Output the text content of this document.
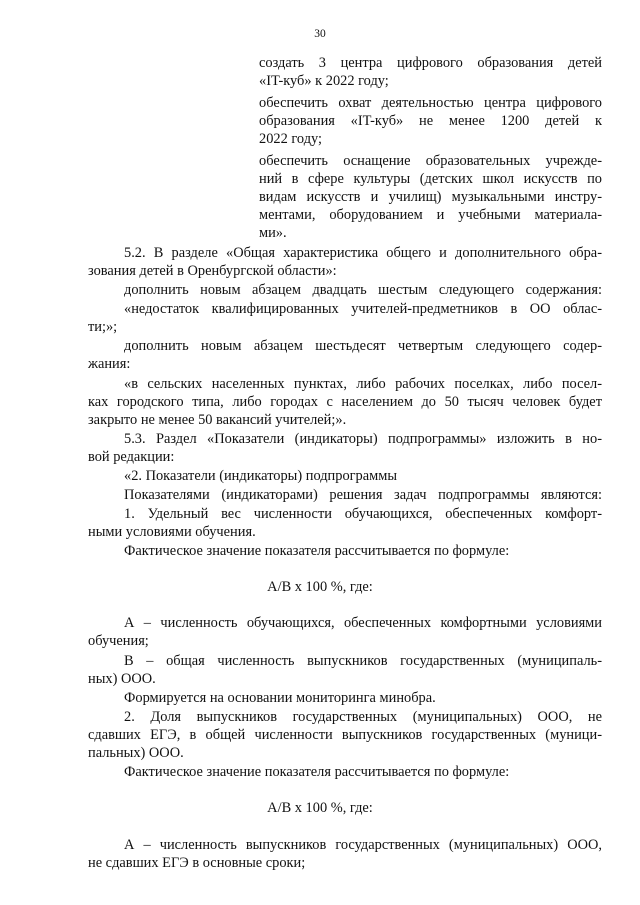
30
создать 3 центра цифрового образования детей
«IT-куб» к 2022 году;
обеспечить охват деятельностью центра цифрового
образования «IT-куб» не менее 1200 детей к
2022 году;
обеспечить оснащение образовательных учрежде-
ний в сфере культуры (детских школ искусств по
видам искусств и училищ) музыкальными инстру-
ментами, оборудованием и учебными материала-
ми».
5.2. В разделе «Общая характеристика общего и дополнительного обра-
зования детей в Оренбургской области»:
дополнить новым абзацем двадцать шестым следующего содержания:
«недостаток квалифицированных учителей-предметников в ОО облас-
ти;»;
дополнить новым абзацем шестьдесят четвертым следующего содер-
жания:
«в сельских населенных пунктах, либо рабочих поселках, либо посел-
ках городского типа, либо городах с населением до 50 тысяч человек будет
закрыто не менее 50 вакансий учителей;».
5.3. Раздел «Показатели (индикаторы) подпрограммы» изложить в но-
вой редакции:
«2. Показатели (индикаторы) подпрограммы
Показателями (индикаторами) решения задач подпрограммы являются:
1. Удельный вес численности обучающихся, обеспеченных комфорт-
ными условиями обучения.
Фактическое значение показателя рассчитывается по формуле:
A/B x 100 %, где:
А – численность обучающихся, обеспеченных комфортными условиями
обучения;
В – общая численность выпускников государственных (муниципаль-
ных) ООО.
Формируется на основании мониторинга минобра.
2. Доля выпускников государственных (муниципальных) ООО, не
сдавших ЕГЭ, в общей численности выпускников государственных (муници-
пальных) ООО.
Фактическое значение показателя рассчитывается по формуле:
A/B x 100 %, где:
А – численность выпускников государственных (муниципальных) ООО,
не сдавших ЕГЭ в основные сроки;
